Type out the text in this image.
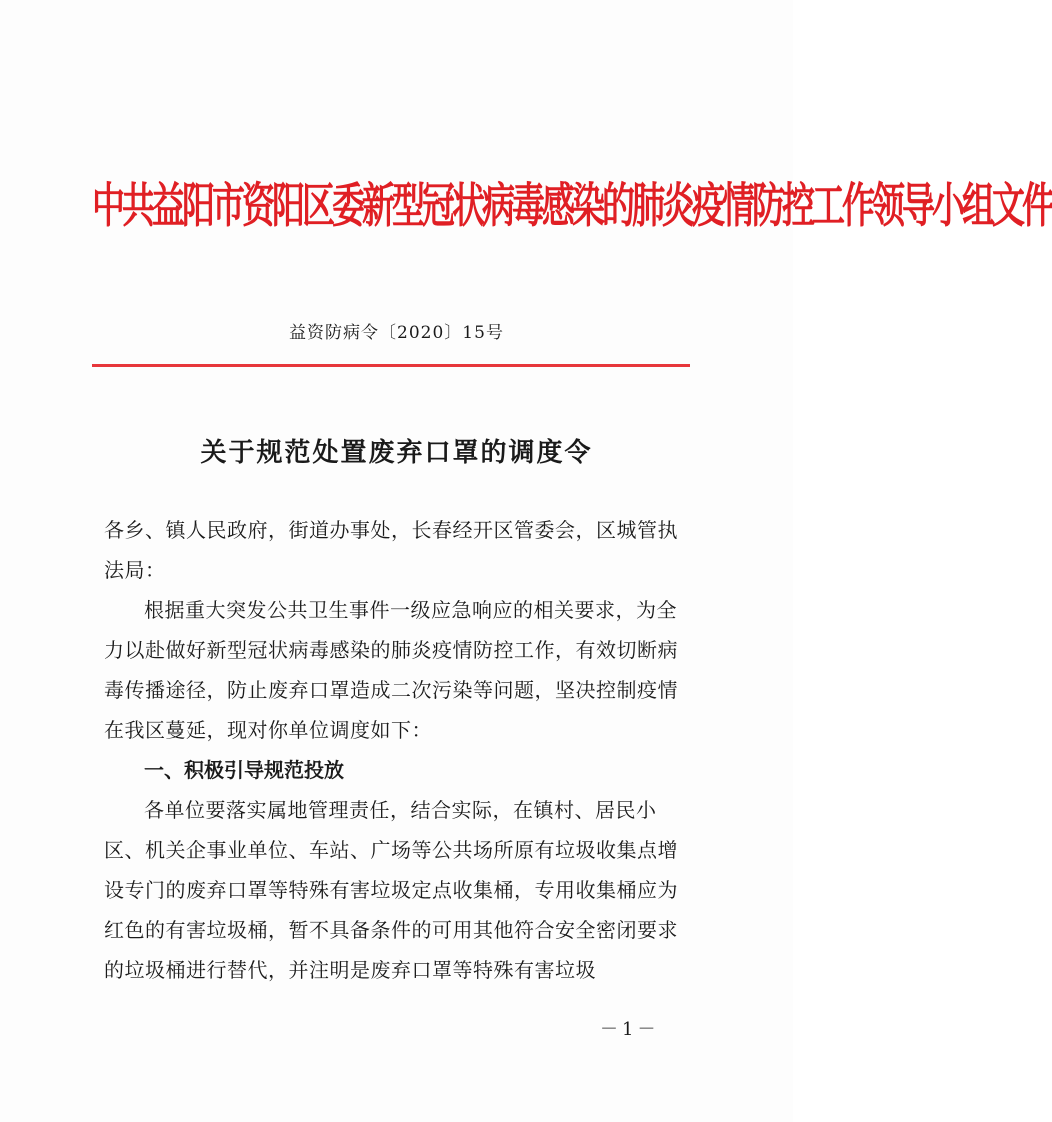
中共益阳市资阳区委新型冠状病毒感染的肺炎疫情防控工作领导小组文件
益资防病令〔2020〕15号
关于规范处置废弃口罩的调度令
各乡、镇人民政府，街道办事处，长春经开区管委会，区城管执法局：
根据重大突发公共卫生事件一级应急响应的相关要求，为全力以赴做好新型冠状病毒感染的肺炎疫情防控工作，有效切断病毒传播途径，防止废弃口罩造成二次污染等问题，坚决控制疫情在我区蔓延，现对你单位调度如下：
一、积极引导规范投放
各单位要落实属地管理责任，结合实际，在镇村、居民小区、机关企事业单位、车站、广场等公共场所原有垃圾收集点增设专门的废弃口罩等特殊有害垃圾定点收集桶，专用收集桶应为红色的有害垃圾桶，暂不具备条件的可用其他符合安全密闭要求的垃圾桶进行替代，并注明是废弃口罩等特殊有害垃圾
－1－
